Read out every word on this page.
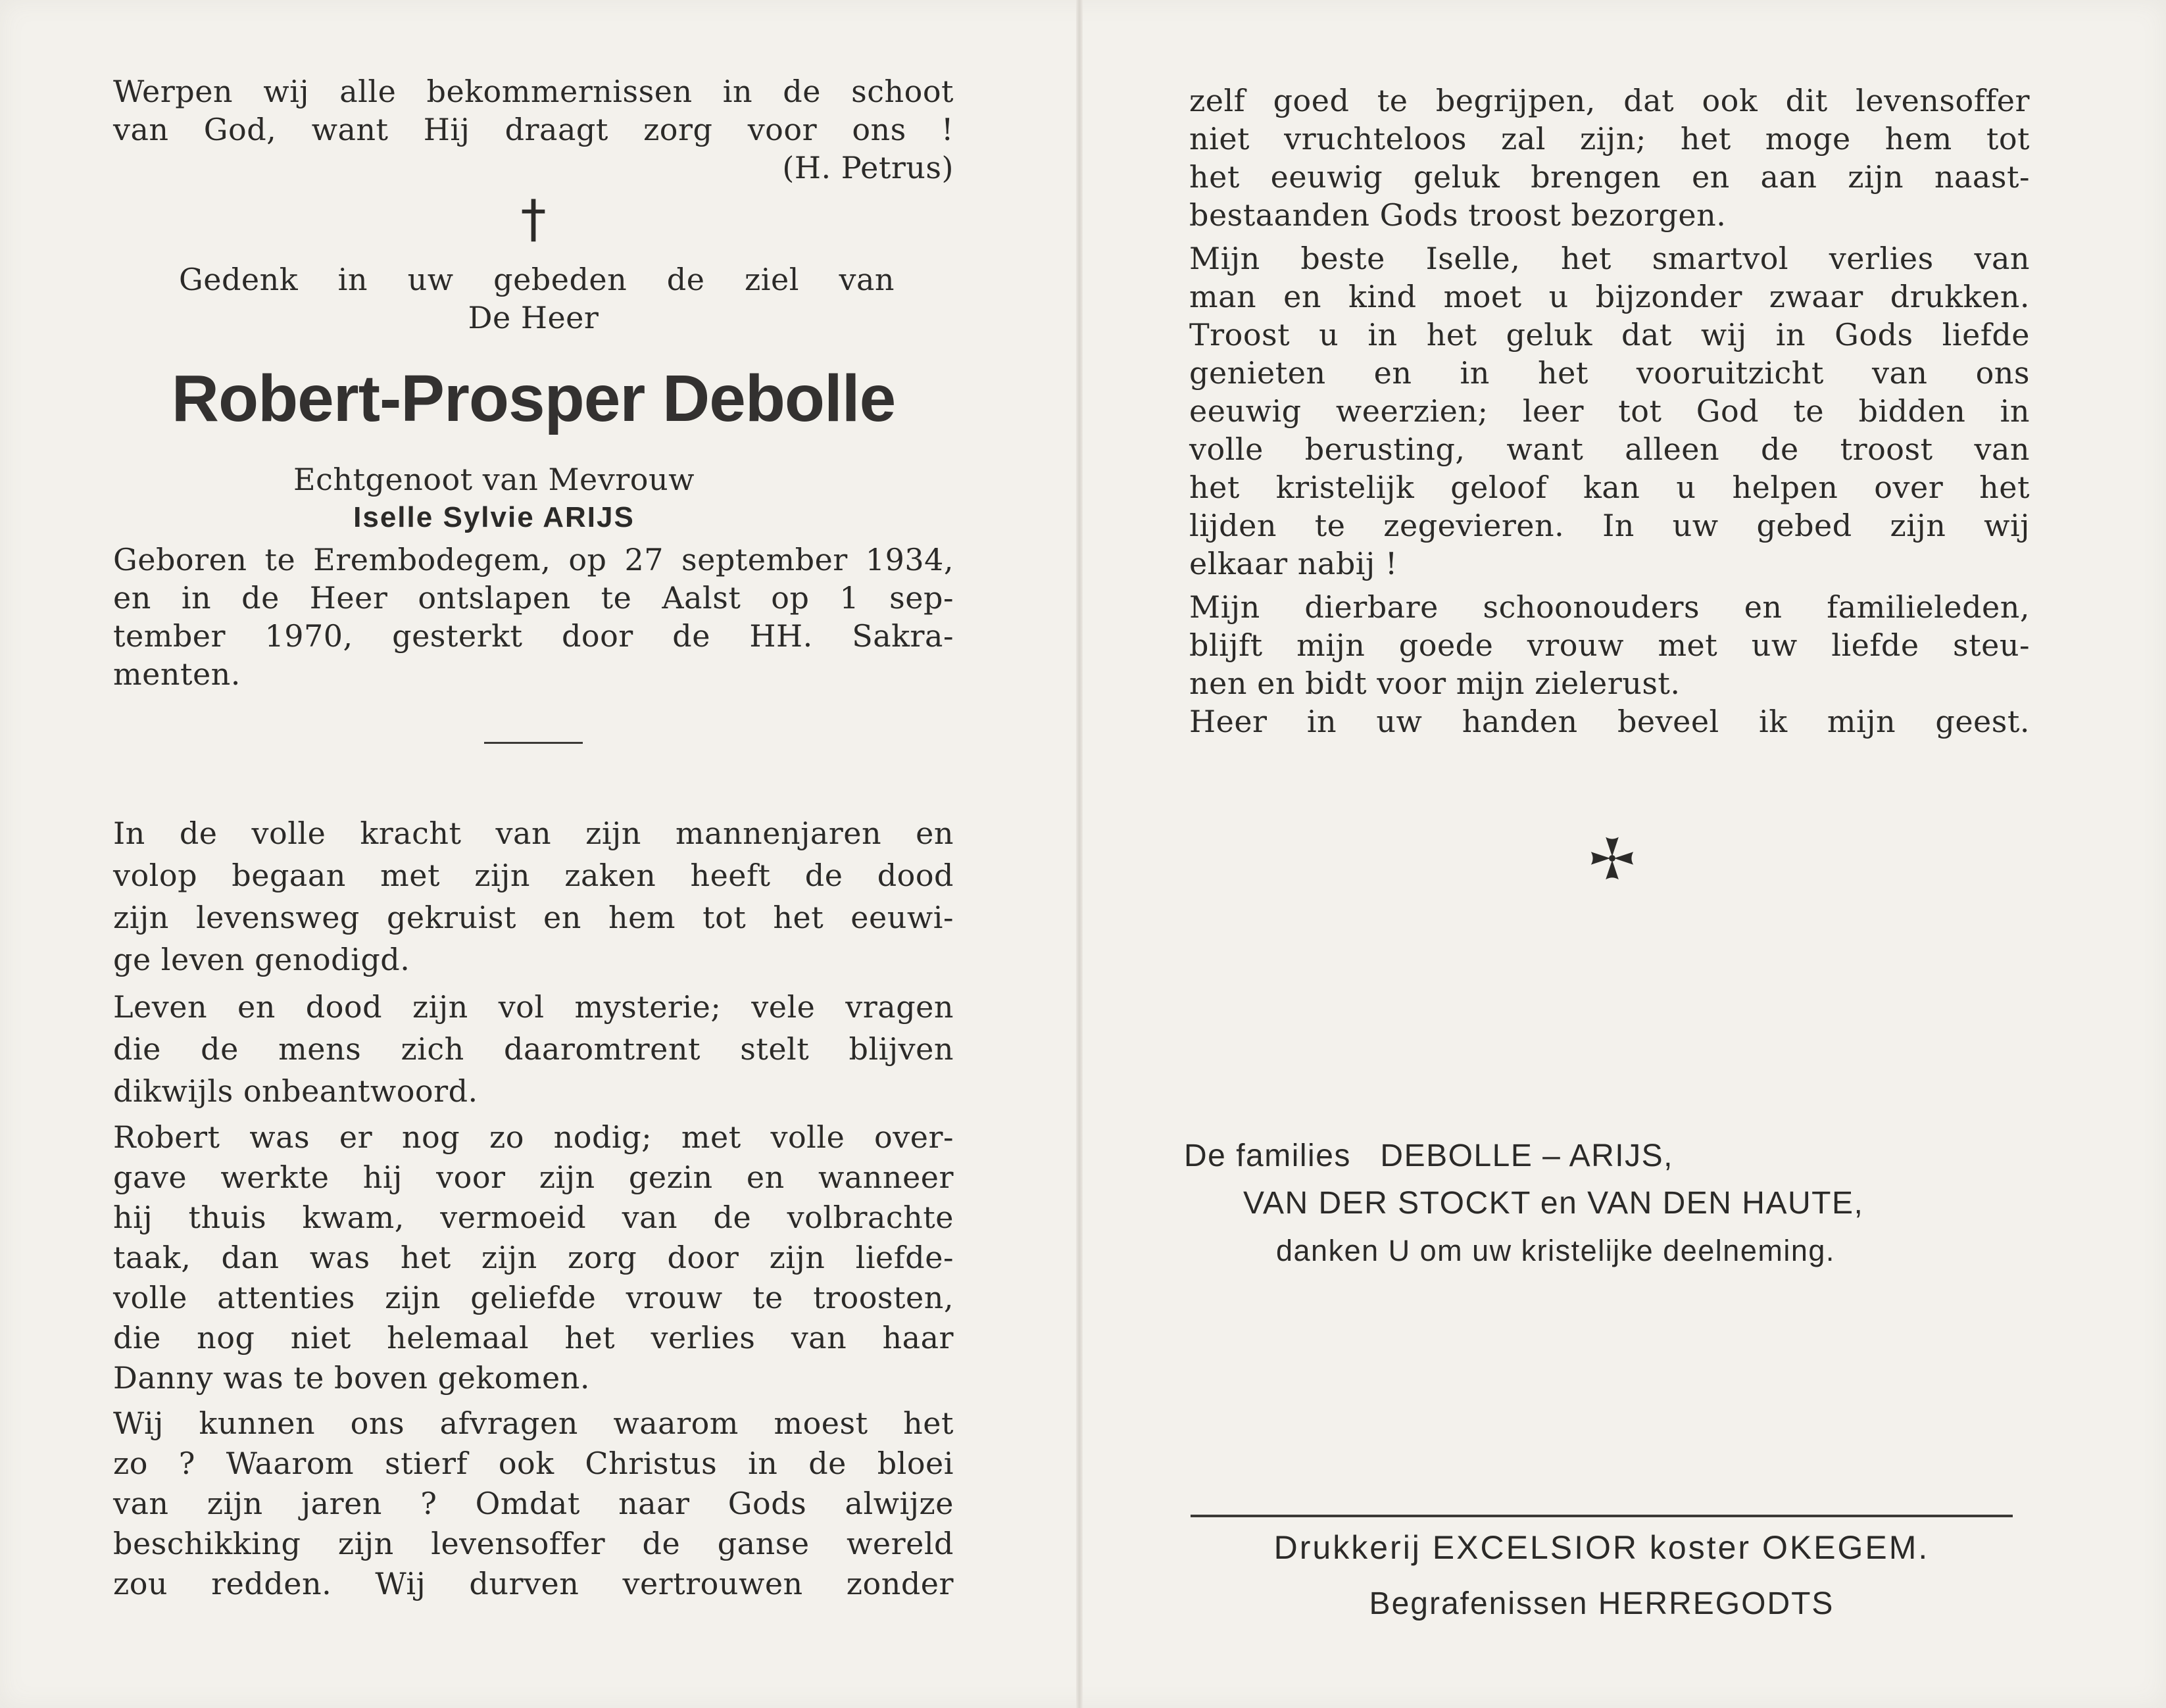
Werpen wij alle bekommernissen in de schoot
van God, want Hij draagt zorg voor ons !
(H. Petrus)
†
Gedenk in uw gebeden de ziel van
De Heer
Robert-Prosper Debolle
Echtgenoot van Mevrouw
Iselle Sylvie ARIJS
Geboren te Erembodegem, op 27 september 1934,
en in de Heer ontslapen te Aalst op 1 sep-
tember 1970, gesterkt door de HH. Sakra-
menten.
In de volle kracht van zijn mannenjaren en
volop begaan met zijn zaken heeft de dood
zijn levensweg gekruist en hem tot het eeuwi-
ge leven genodigd.
Leven en dood zijn vol mysterie; vele vragen
die de mens zich daaromtrent stelt blijven
dikwijls onbeantwoord.
Robert was er nog zo nodig; met volle over-
gave werkte hij voor zijn gezin en wanneer
hij thuis kwam, vermoeid van de volbrachte
taak, dan was het zijn zorg door zijn liefde-
volle attenties zijn geliefde vrouw te troosten,
die nog niet helemaal het verlies van haar
Danny was te boven gekomen.
Wij kunnen ons afvragen waarom moest het
zo ? Waarom stierf ook Christus in de bloei
van zijn jaren ? Omdat naar Gods alwijze
beschikking zijn levensoffer de ganse wereld
zou redden. Wij durven vertrouwen zonder
zelf goed te begrijpen, dat ook dit levensoffer
niet vruchteloos zal zijn; het moge hem tot
het eeuwig geluk brengen en aan zijn naast-
bestaanden Gods troost bezorgen.
Mijn beste Iselle, het smartvol verlies van
man en kind moet u bijzonder zwaar drukken.
Troost u in het geluk dat wij in Gods liefde
genieten en in het vooruitzicht van ons
eeuwig weerzien; leer tot God te bidden in
volle berusting, want alleen de troost van
het kristelijk geloof kan u helpen over het
lijden te zegevieren. In uw gebed zijn wij
elkaar nabij !
Mijn dierbare schoonouders en familieleden,
blijft mijn goede vrouw met uw liefde steu-
nen en bidt voor mijn zielerust.
Heer in uw handen beveel ik mijn geest.
De families   DEBOLLE – ARIJS,
VAN DER STOCKT en VAN DEN HAUTE,
danken U om uw kristelijke deelneming.
Drukkerij EXCELSIOR koster OKEGEM.
Begrafenissen HERREGODTS
